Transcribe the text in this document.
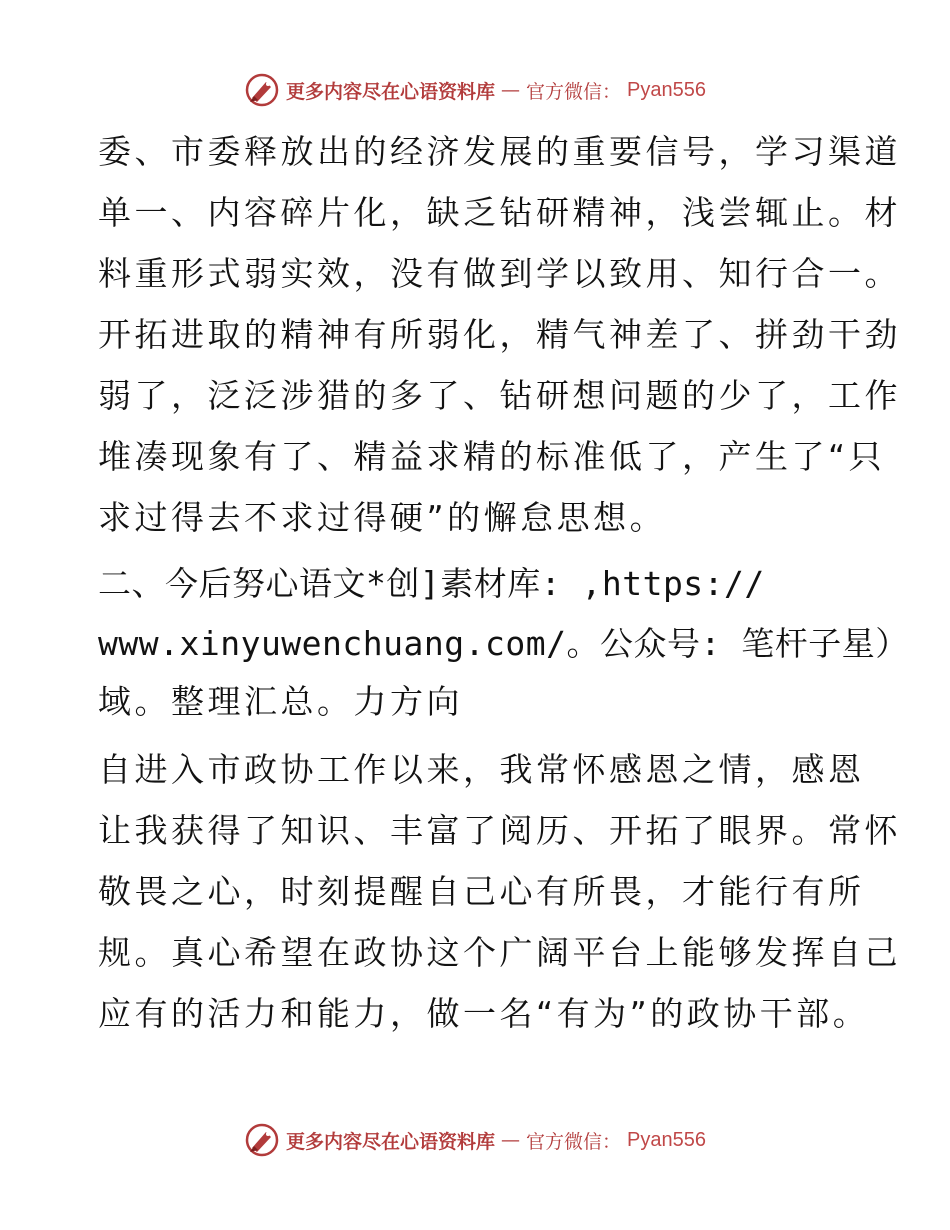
更多内容尽在心语资料库 — 官方微信： Pyan556
委、市委释放出的经济发展的重要信号，学习渠道
单一、内容碎片化，缺乏钻研精神，浅尝辄止。材
料重形式弱实效，没有做到学以致用、知行合一。
开拓进取的精神有所弱化，精气神差了、拼劲干劲
弱了，泛泛涉猎的多了、钻研想问题的少了，工作
堆凑现象有了、精益求精的标准低了，产生了“只
求过得去不求过得硬”的懈怠思想。
二、今后努心语文*创]素材库: ,https://
www.xinyuwenchuang.com/。公众号: 笔杆子星）
域。整理汇总。力方向
自进入市政协工作以来，我常怀感恩之情，感恩
让我获得了知识、丰富了阅历、开拓了眼界。常怀
敬畏之心，时刻提醒自己心有所畏，才能行有所
规。真心希望在政协这个广阔平台上能够发挥自己
应有的活力和能力，做一名“有为”的政协干部。
更多内容尽在心语资料库 — 官方微信： Pyan556
